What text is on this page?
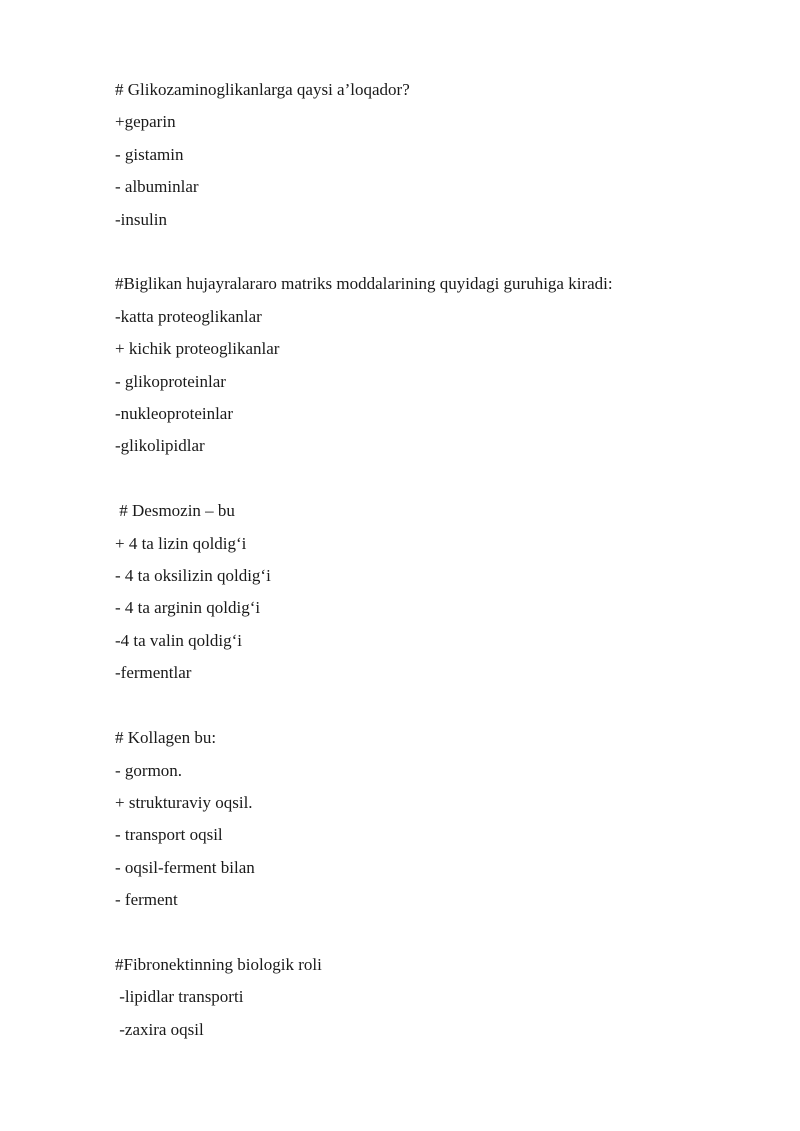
# Glikozaminoglikanlarga qaysi a’loqador?

+geparin

- gistamin

- albuminlar

-insulin

#Biglikan hujayralararo matriks moddalarining quyidagi guruhiga kiradi:

-katta proteoglikanlar

+ kichik proteoglikanlar

- glikoproteinlar

-nukleoproteinlar

-glikolipidlar

# Desmozin – bu

+ 4 ta lizin qoldig‘i

- 4 ta oksilizin qoldig‘i

- 4 ta arginin qoldig‘i

-4 ta valin qoldig‘i

-fermentlar

# Kollagen bu:

- gormon.

+ strukturaviy oqsil.

- transport oqsil

- oqsil-ferment bilan

- ferment

#Fibronektinning biologik roli

-lipidlar transporti

-zaxira oqsil
